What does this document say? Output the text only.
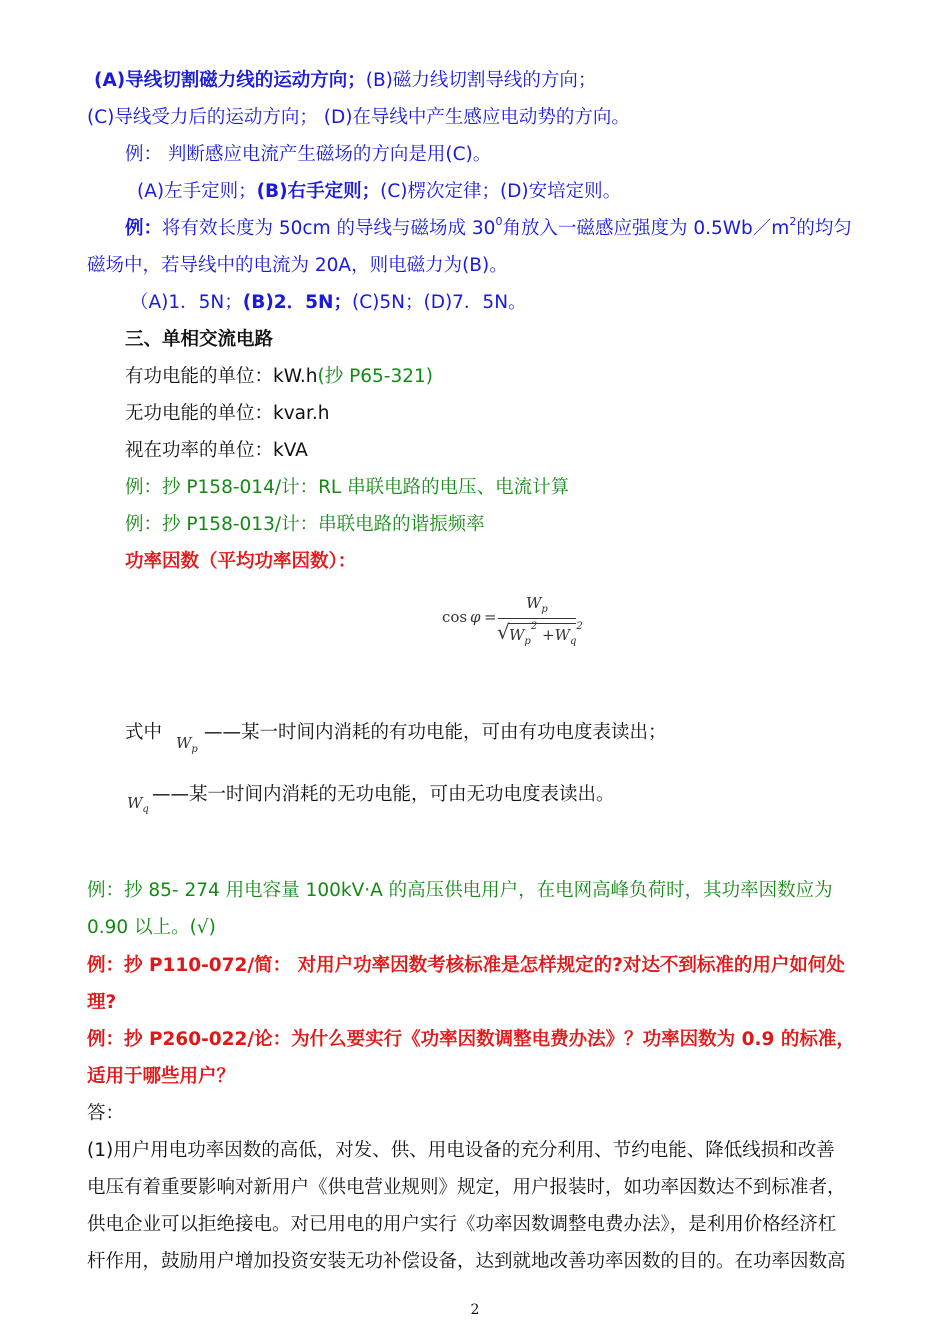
(A)导线切割磁力线的运动方向；(B)磁力线切割导线的方向；
(C)导线受力后的运动方向； (D)在导线中产生感应电动势的方向。
例： 判断感应电流产生磁场的方向是用(C)。
(A)左手定则；(B)右手定则；(C)楞次定律；(D)安培定则。
例：将有效长度为 50cm 的导线与磁场成 $30^0$角放入一磁感应强度为 $0.5Wb/m^2$的均匀
磁场中，若导线中的电流为 20A，则电磁力为(B)。
（A)1．5N；(B)2．5N；(C)5N；(D)7．5N。
三、单相交流电路
有功电能的单位：kW.h(抄 P65-321)
无功电能的单位：kvar.h
视在功率的单位：kVA
例：抄 P158-014/计：RL 串联电路的电压、电流计算
例：抄 P158-013/计：串联电路的谐振频率
功率因数（平均功率因数）：
cos φ =
$W_p$
√ $W_p^2 +W_q^2$
式中 $W_p$
——某一时间内消耗的有功电能，可由有功电度表读出；
$W_q$
——某一时间内消耗的无功电能，可由无功电度表读出。
例：抄 85- 274 用电容量 100kV·A 的高压供电用户，在电网高峰负荷时，其功率因数应为
0.90 以上。(√)
例：抄 P110-072/简： 对用户功率因数考核标准是怎样规定的?对达不到标准的用户如何处
理?
例：抄 P260-022/论：为什么要实行《功率因数调整电费办法》？功率因数为 0.9 的标准，
适用于哪些用户？
答：
(1)用户用电功率因数的高低，对发、供、用电设备的充分利用、节约电能、降低线损和改善
电压有着重要影响对新用户《供电营业规则》规定，用户报装时，如功率因数达不到标准者，
供电企业可以拒绝接电。对已用电的用户实行《功率因数调整电费办法》，是利用价格经济杠
杆作用，鼓励用户增加投资安装无功补偿设备，达到就地改善功率因数的目的。在功率因数高
2
